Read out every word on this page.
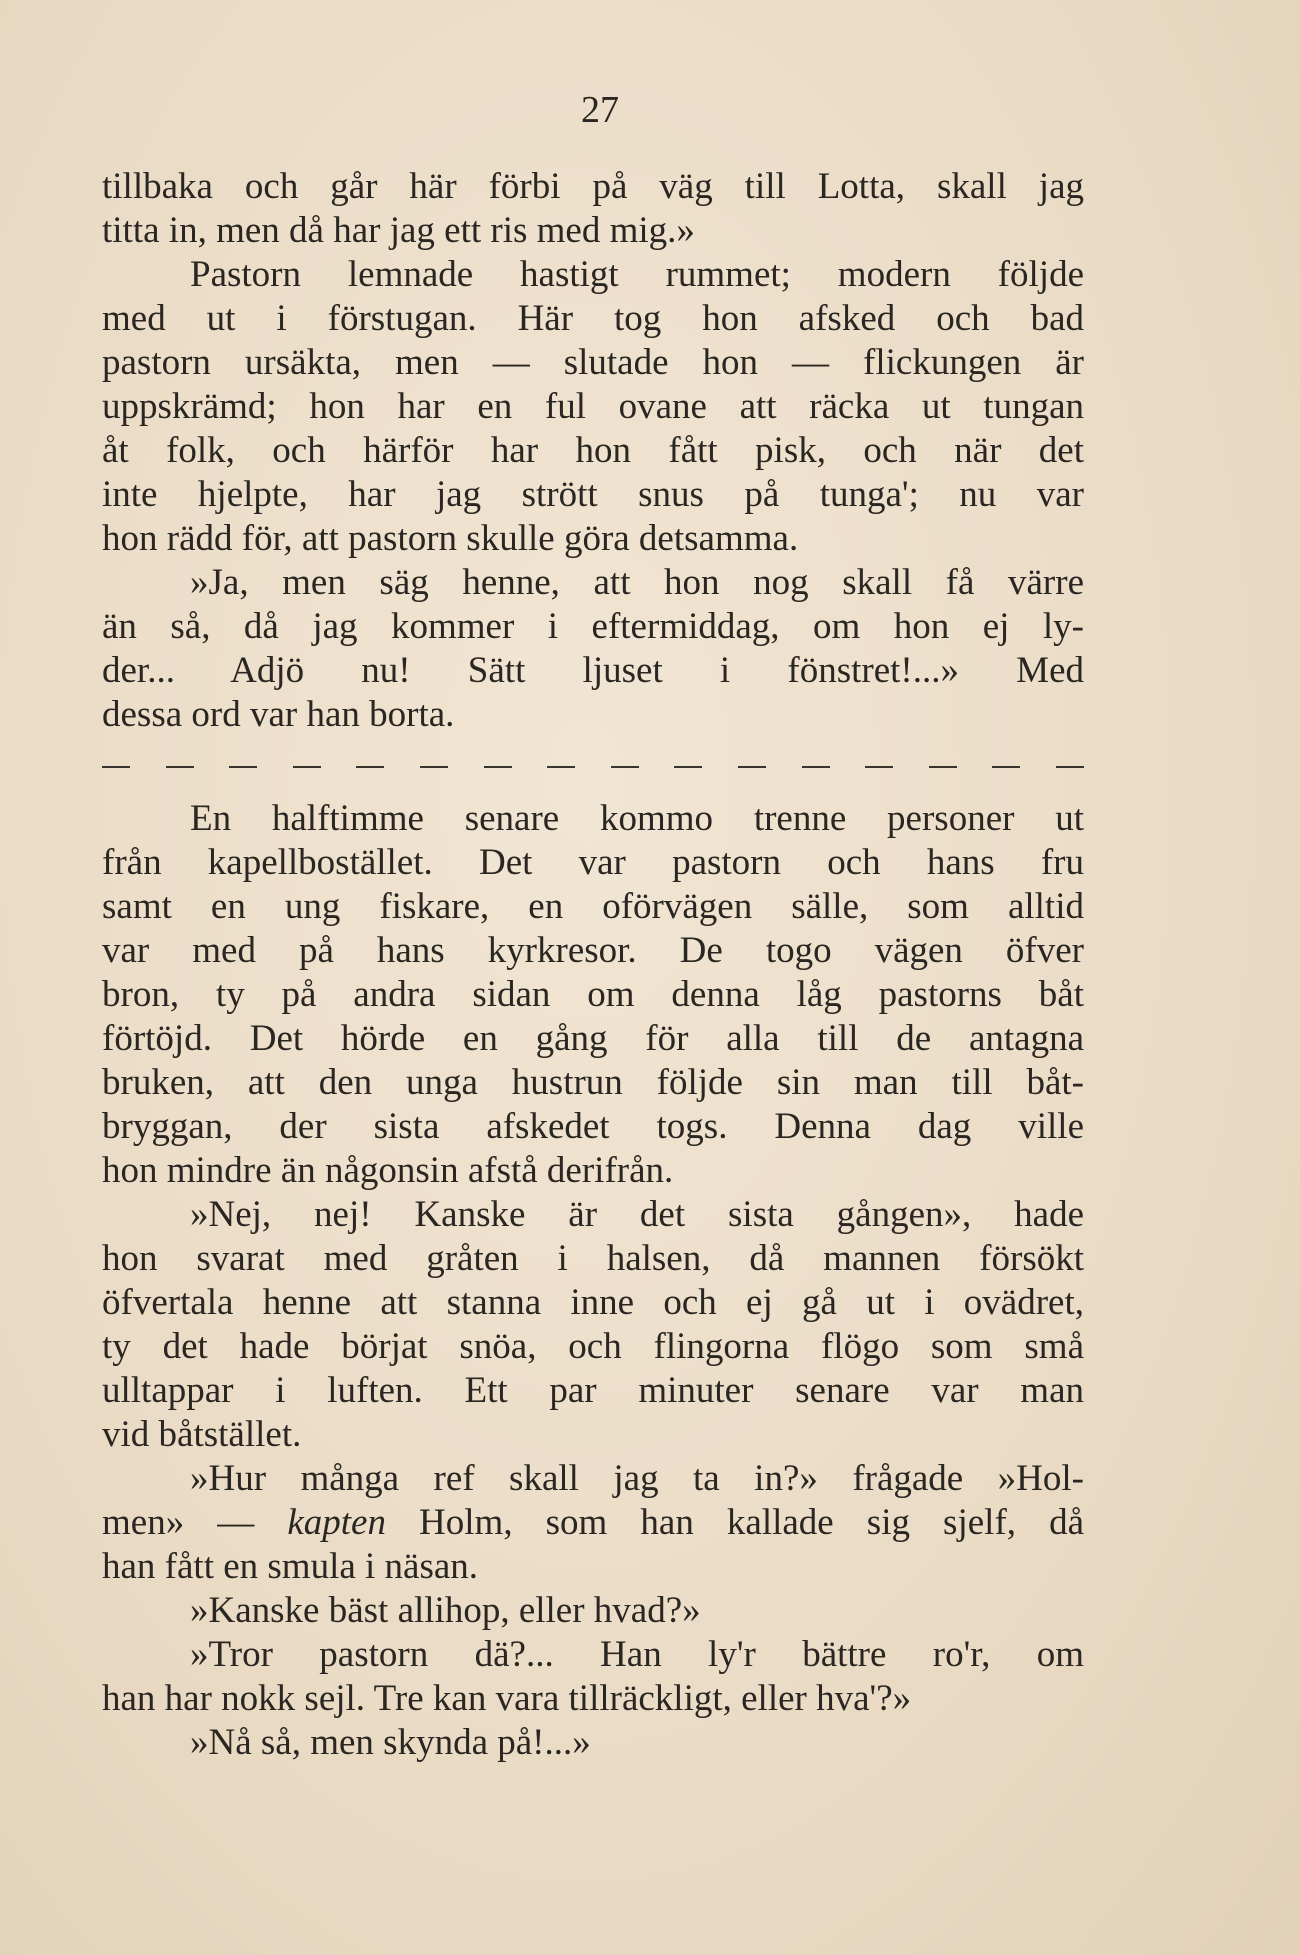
27
tillbaka och går här förbi på väg till Lotta, skall jag
titta in, men då har jag ett ris med mig.»
Pastorn lemnade hastigt rummet; modern följde
med ut i förstugan. Här tog hon afsked och bad
pastorn ursäkta, men — slutade hon — flickungen är
uppskrämd; hon har en ful ovane att räcka ut tungan
åt folk, och härför har hon fått pisk, och när det
inte hjelpte, har jag strött snus på tunga'; nu var
hon rädd för, att pastorn skulle göra detsamma.
»Ja, men säg henne, att hon nog skall få värre
än så, då jag kommer i eftermiddag, om hon ej ly-
der... Adjö nu! Sätt ljuset i fönstret!...» Med
dessa ord var han borta.
En halftimme senare kommo trenne personer ut
från kapellbostället. Det var pastorn och hans fru
samt en ung fiskare, en oförvägen sälle, som alltid
var med på hans kyrkresor. De togo vägen öfver
bron, ty på andra sidan om denna låg pastorns båt
förtöjd. Det hörde en gång för alla till de antagna
bruken, att den unga hustrun följde sin man till båt-
bryggan, der sista afskedet togs. Denna dag ville
hon mindre än någonsin afstå derifrån.
»Nej, nej! Kanske är det sista gången», hade
hon svarat med gråten i halsen, då mannen försökt
öfvertala henne att stanna inne och ej gå ut i ovädret,
ty det hade börjat snöa, och flingorna flögo som små
ulltappar i luften. Ett par minuter senare var man
vid båtstället.
»Hur många ref skall jag ta in?» frågade »Hol-
men» — kapten Holm, som han kallade sig sjelf, då
han fått en smula i näsan.
»Kanske bäst allihop, eller hvad?»
»Tror pastorn dä?... Han ly'r bättre ro'r, om
han har nokk sejl. Tre kan vara tillräckligt, eller hva'?»
»Nå så, men skynda på!...»
